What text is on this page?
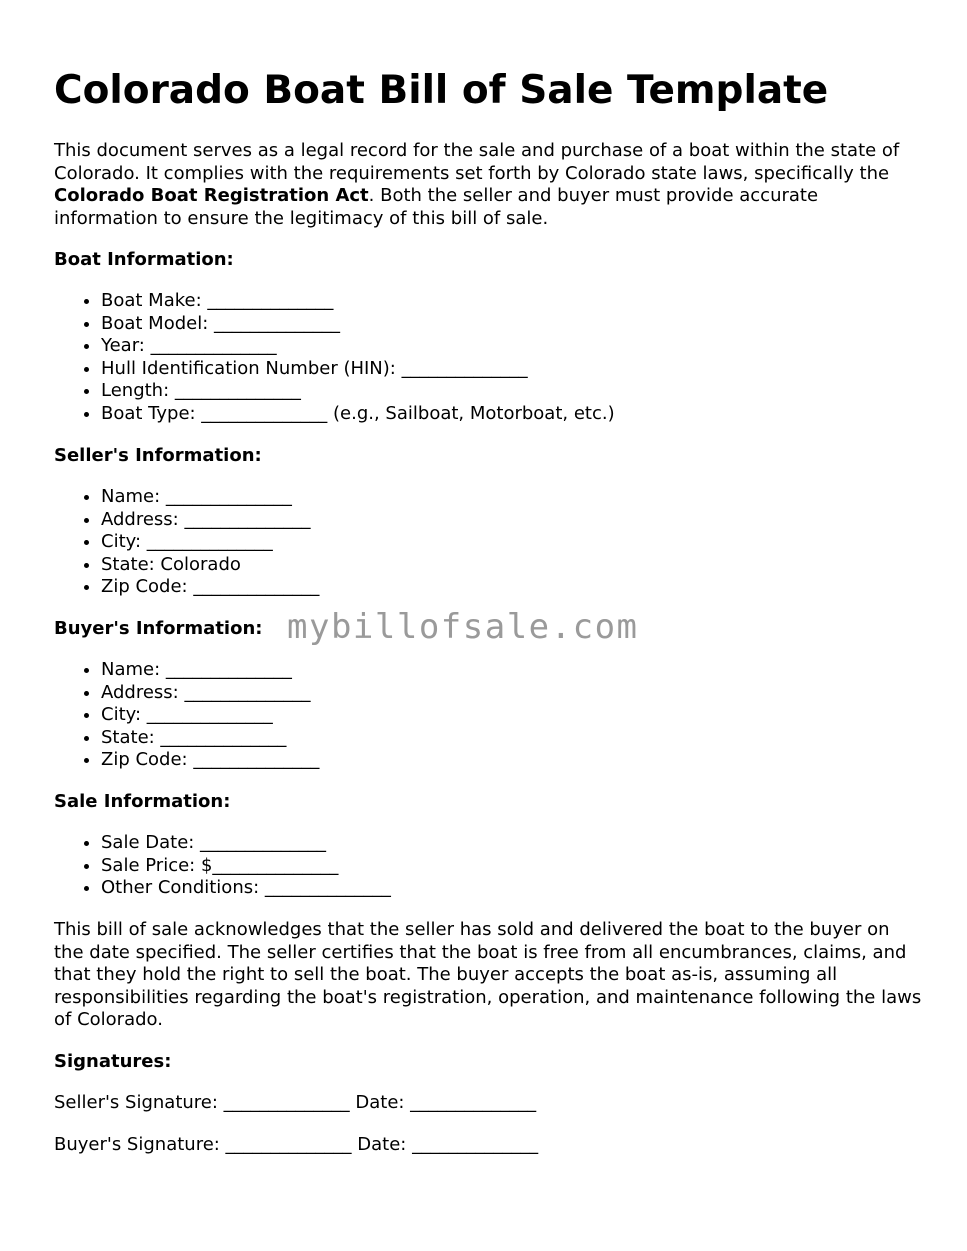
Colorado Boat Bill of Sale Template

This document serves as a legal record for the sale and purchase of a boat within the state of Colorado. It complies with the requirements set forth by Colorado state laws, specifically the Colorado Boat Registration Act. Both the seller and buyer must provide accurate information to ensure the legitimacy of this bill of sale.

Boat Information:
• Boat Make: ______________
• Boat Model: ______________
• Year: ______________
• Hull Identification Number (HIN): ______________
• Length: ______________
• Boat Type: ______________ (e.g., Sailboat, Motorboat, etc.)
Seller's Information:
• Name: ______________
• Address: ______________
• City: ______________
• State: Colorado
• Zip Code: ______________
Buyer's Information:
• Name: ______________
• Address: ______________
• City: ______________
• State: ______________
• Zip Code: ______________
Sale Information:
• Sale Date: ______________
• Sale Price: $______________
• Other Conditions: ______________

This bill of sale acknowledges that the seller has sold and delivered the boat to the buyer on the date specified. The seller certifies that the boat is free from all encumbrances, claims, and that they hold the right to sell the boat. The buyer accepts the boat as-is, assuming all responsibilities regarding the boat's registration, operation, and maintenance following the laws of Colorado.

Signatures:
Seller's Signature: ______________ Date: ______________
Buyer's Signature: ______________ Date: ______________
mybillofsale.com
